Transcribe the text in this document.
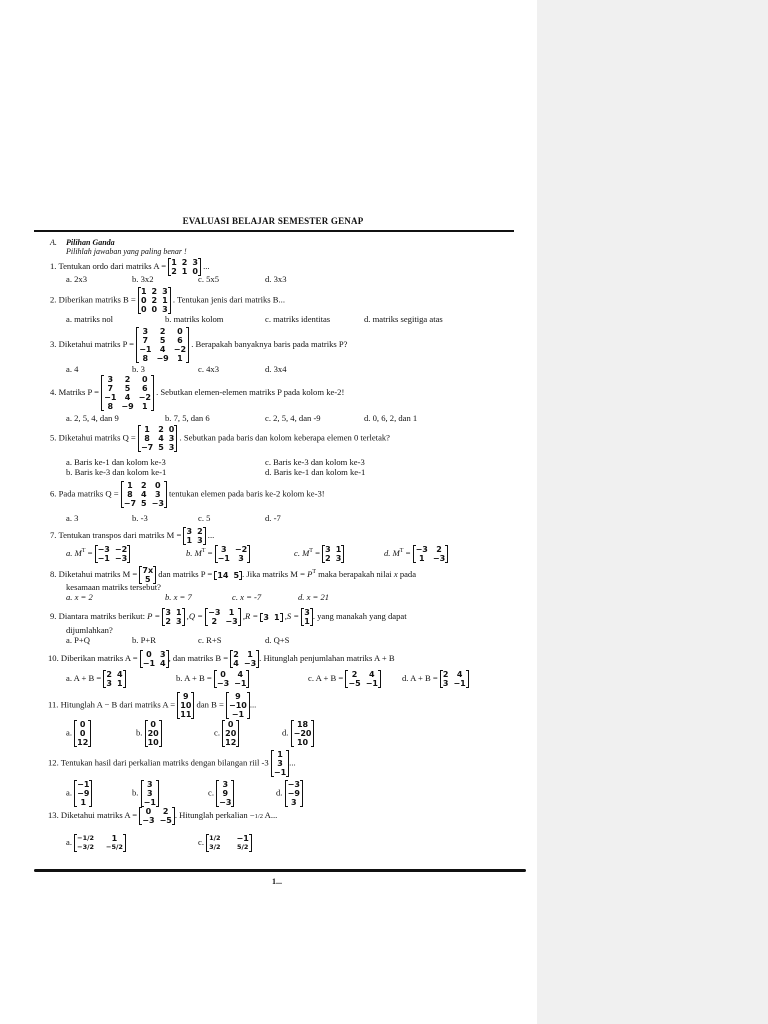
EVALUASI BELAJAR SEMESTER GENAP
A. Pilihan Ganda
Pilihlah jawaban yang paling benar !
1. Tentukan ordo dari matriks A = 1 2 3
2 1 0
...
a. 2x3	b. 3x2	c. 5x5	d. 3x3
2. Diberikan matriks B =
1 2 3
0 2 1
0 0 3
. Tentukan jenis dari matriks B...
a. matriks nol	b. matriks kolom	c. matriks identitas	d. matriks segitiga atas
3. Diketahui matriks P =
3	2	0
7	5	6
−1	4	−2
8	−9	1
. Berapakah banyaknya baris pada matriks P?
a. 4	b. 3	c. 4x3	d. 3x4
4. Matriks P =
3	2	0
7	5	6
−1	4	−2
8	−9	1
. Sebutkan elemen-elemen matriks P pada kolom ke-2!
a. 2, 5, 4, dan 9	b. 7, 5, dan 6	c. 2, 5, 4, dan -9	d. 0, 6, 2, dan 1
5. Diketahui matriks Q =
1	2 0
8	4 3
−7 5 3
. Sebutkan pada baris dan kolom keberapa elemen 0 terletak?
a. Baris ke-1 dan kolom ke-3	c. Baris ke-3 dan kolom ke-3
b. Baris ke-3 dan kolom ke-1	d. Baris ke-1 dan kolom ke-1
6. Pada matriks Q =
1	2	0
8	4	3
−7 5 −3
tentukan elemen pada baris ke-2 kolom ke-3!
a. 3	b. -3	c. 5	d. -7
7. Tentukan transpos dari matriks M = 3 2
1 3
...
a. $M^T = -3 -2$
−1 −3
b. $M^T = 3$	−2
−1	3
c. $M^T = 3$ 1
2 3
d. $M^T = -3$	2
1	−3
8. Diketahui matriks M = 7x
5
dan matriks P = 14 5 . Jika matriks $M = P^T$ maka berapakah nilai x pada
kesamaan matriks tersebut?
a. x = 2	b. x = 7	c. x = -7	d. x = 21
9. Diantara matriks berikut: P = 3 1
2 3
,Q = −3	1
2	−3
,R = 3 1 ,S = 3
1
. yang manakah yang dapat
dijumlahkan?
a. P+Q	b. P+R	c. R+S	d. Q+S
10. Diberikan matriks A =	0	3
−1 4
, dan matriks B = 2	1
4 −3
. Hitunglah penjumlahan matriks A + B
a. A + B = 2 4
3 1
b. A + B =	0	4
−3 −1
c. A + B =	2	4
−5 −1
d. A + B = 2	4
3 −1
11. Hitunglah A − B dari matriks A =
9
10
11
dan B =
9
−10
−1
...
a.
0
0
12
b.
0
20
10
c.
0
20
12
d.
18
−20
10
12. Tentukan hasil dari perkalian matriks dengan bilangan riil -3
1
3
−1
...
a.
−1
−9
1
b.
3
3
−1
c.
3
9
−3
d.
−3
−9
3
13. Diketahui matriks A =	0	2
−3 −5
. Hitunglah perkalian −1/2 A...
a. −1/2	1
−3/2 −5/2
c. 1/2 −1
3/2	5/2
1...
